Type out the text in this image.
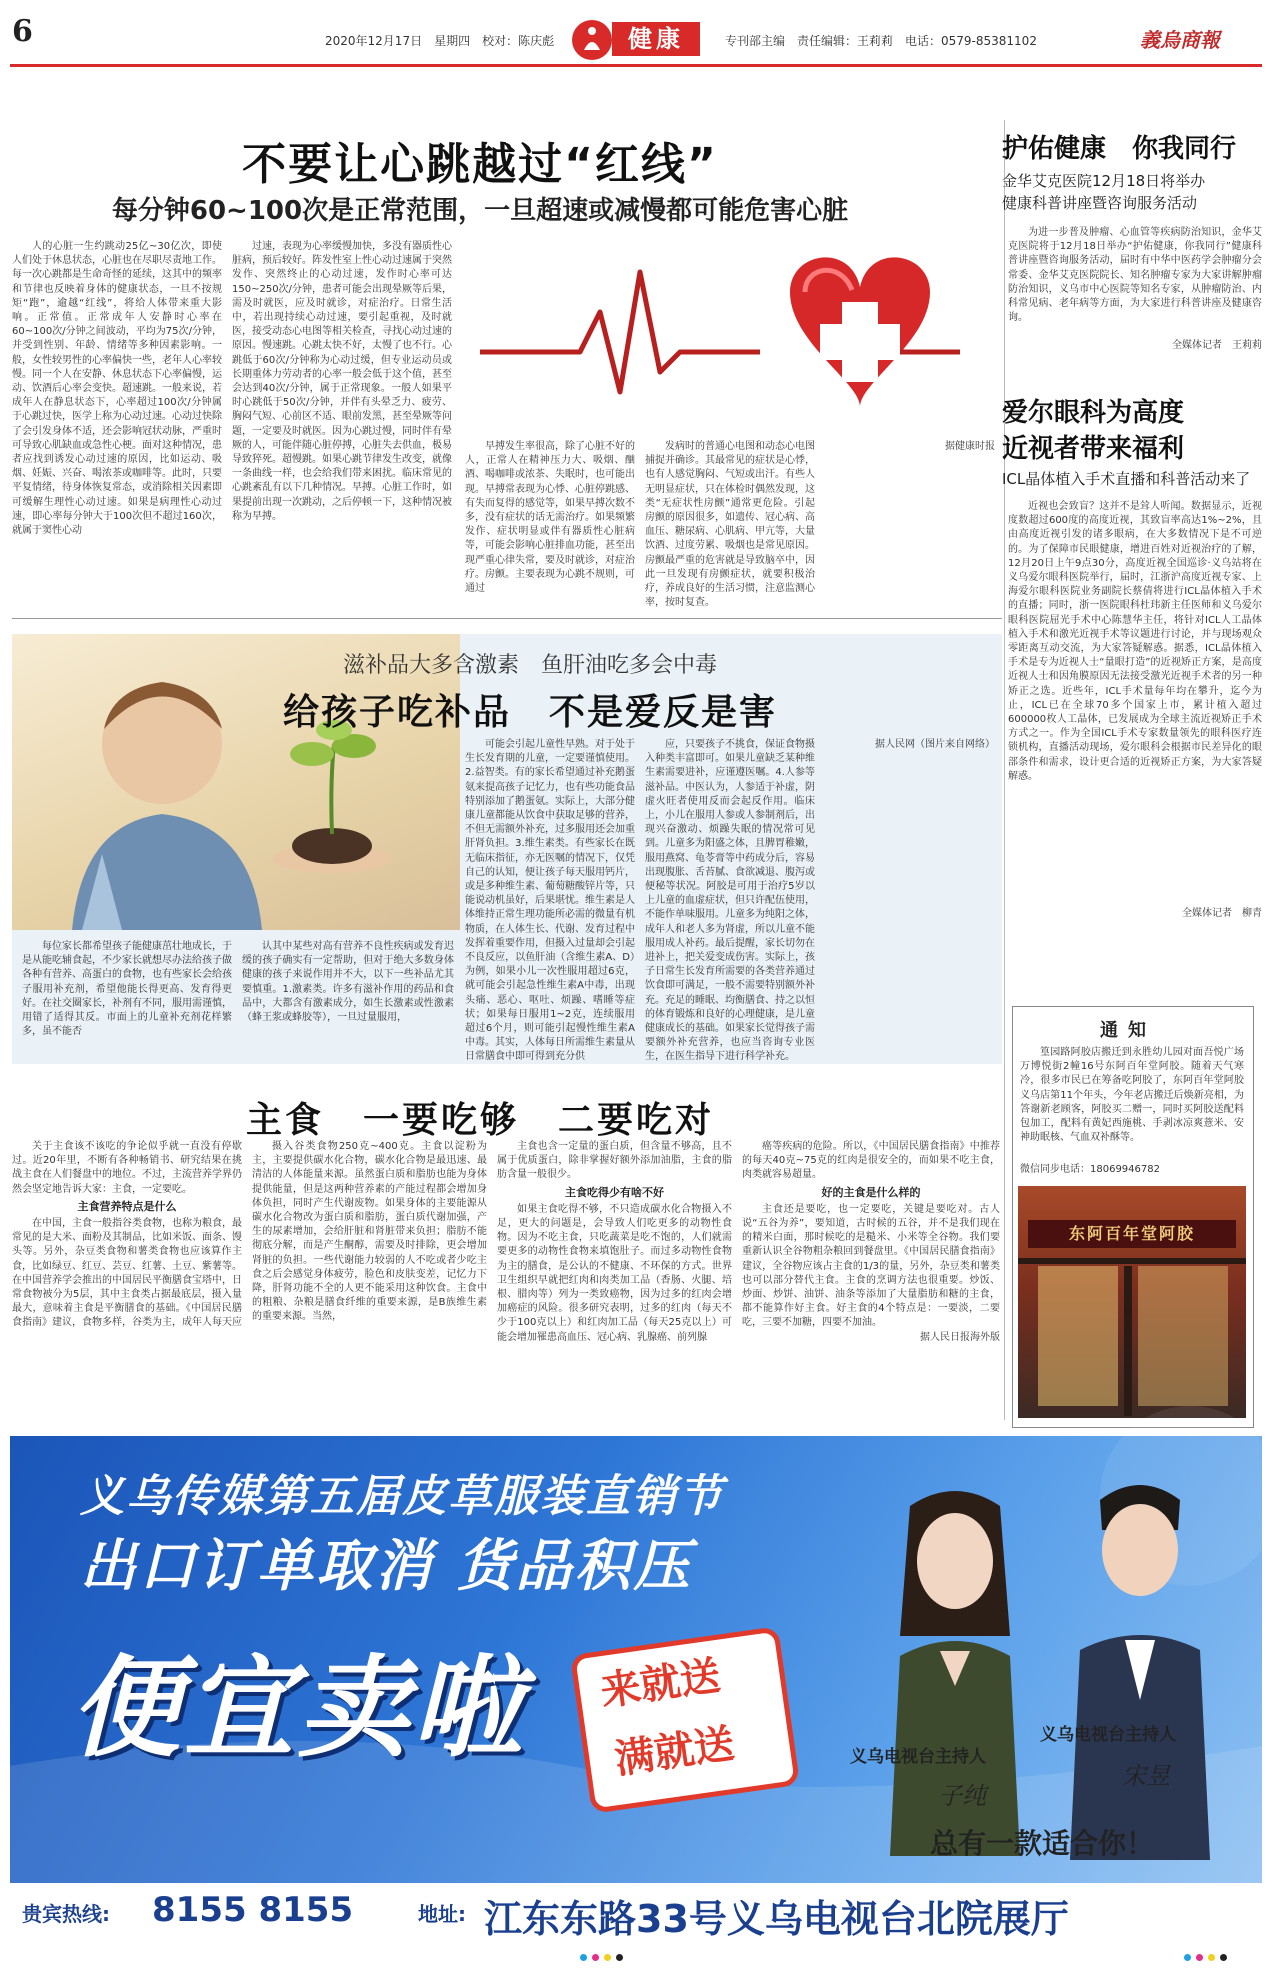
6	2020年12月17日　星期四　校对：陈庆彪	健康	专刊部主编　责任编辑：王莉莉　电话：0579-85381102	義烏商報
不要让心跳越过“红线”
每分钟60~100次是正常范围，一旦超速或减慢都可能危害心脏

人的心脏一生约跳动25亿~30亿次，即使人们处于休息状态，心脏也在尽职尽责地工作。每一次心跳都是生命奇怪的延续，这其中的频率和节律也反映着身体的健康状态，一旦不按规矩“跑”，逾越“红线”，将给人体带来重大影响。正常值。正常成年人安静时心率在60~100次/分钟之间波动，平均为75次/分钟，并受到性别、年龄、情绪等多种因素影响。一般，女性较男性的心率偏快一些，老年人心率较慢。同一个人在安静、休息状态下心率偏慢，运动、饮酒后心率会变快。超速跳。一般来说，若成年人在静息状态下，心率超过100次/分钟属于心跳过快，医学上称为心动过速。心动过快除了会引发身体不适，还会影响冠状动脉，严重时可导致心肌缺血或急性心梗。面对这种情况，患者应找到诱发心动过速的原因，比如运动、吸烟、妊娠、兴奋、喝浓茶或咖啡等。此时，只要平复情绪，待身体恢复常态，或消除相关因素即可缓解生理性心动过速。如果是病理性心动过速，即心率每分钟大于100次但不超过160次，就属于窦性心动

过速，表现为心率缓慢加快，多没有器质性心脏病，预后较好。阵发性室上性心动过速属于突然发作、突然终止的心动过速，发作时心率可达150~250次/分钟，患者可能会出现晕厥等后果，需及时就医，应及时就诊，对症治疗。日常生活中，若出现持续心动过速，要引起重视，及时就医，接受动态心电图等相关检查，寻找心动过速的原因。慢速跳。心跳太快不好，太慢了也不行。心跳低于60次/分钟称为心动过缓，但专业运动员或长期重体力劳动者的心率一般会低于这个值，甚至会达到40次/分钟，属于正常现象。一般人如果平时心跳低于50次/分钟，并伴有头晕乏力、疲劳、胸闷气短、心前区不适、眼前发黑，甚至晕厥等问题，一定要及时就医。因为心跳过慢，同时伴有晕厥的人，可能伴随心脏停搏，心脏失去供血，极易导致猝死。超慢跳。如果心跳节律发生改变，就像一条曲线一样，也会给我们带来困扰。临床常见的心跳紊乱有以下几种情况。早搏。心脏工作时，如果提前出现一次跳动，之后停顿一下，这种情况被称为早搏。

早搏发生率很高，除了心脏不好的人，正常人在精神压力大、吸烟、酗酒、喝咖啡或浓茶、失眠时，也可能出现。早搏常表现为心悸、心脏停跳感、有失而复得的感觉等，如果早搏次数不多，没有症状的话无需治疗。如果频繁发作、症状明显或伴有器质性心脏病等，可能会影响心脏排血功能，甚至出现严重心律失常，要及时就诊，对症治疗。房颤。主要表现为心跳不规则，可通过

发病时的普通心电图和动态心电图捕捉并确诊。其最常见的症状是心悸，也有人感觉胸闷、气短或出汗。有些人无明显症状，只在体检时偶然发现，这类“无症状性房颤”通常更危险。引起房颤的原因很多，如遗传、冠心病、高血压、糖尿病、心肌病、甲亢等，大量饮酒、过度劳累、吸烟也是常见原因。房颤最严重的危害就是导致脑卒中，因此一旦发现有房颤症状，就要积极治疗，养成良好的生活习惯，注意监测心率，按时复查。

据健康时报

护佑健康　你我同行
金华艾克医院12月18日将举办
健康科普讲座暨咨询服务活动

为进一步普及肿瘤、心血管等疾病防治知识，金华艾克医院将于12月18日举办“护佑健康，你我同行”健康科普讲座暨咨询服务活动，届时有中华中医药学会肿瘤分会常委、金华艾克医院院长、知名肿瘤专家为大家讲解肿瘤防治知识，义乌市中心医院等知名专家，从肿瘤防治、内科常见病、老年病等方面，为大家进行科普讲座及健康咨询。

全媒体记者　王莉莉
爱尔眼科为高度
近视者带来福利
ICL晶体植入手术直播和科普活动来了

近视也会致盲？这并不是耸人听闻。数据显示，近视度数超过600度的高度近视，其致盲率高达1%~2%，且由高度近视引发的诸多眼病，在大多数情况下是不可逆的。为了保障市民眼健康，增进百姓对近视治疗的了解，12月20日上午9点30分，高度近视全国巡诊·义乌站将在义乌爱尔眼科医院举行，届时，江浙沪高度近视专家、上海爱尔眼科医院业务副院长蔡倩将进行ICL晶体植入手术的直播；同时，浙一医院眼科杜玮新主任医师和义乌爱尔眼科医院屈光手术中心陈慧华主任，将针对ICL人工晶体植入手术和激光近视手术等议题进行讨论，并与现场观众零距离互动交流，为大家答疑解惑。据悉，ICL晶体植入手术是专为近视人士“量眼打造”的近视矫正方案，是高度近视人士和因角膜原因无法接受激光近视手术者的另一种矫正之选。近些年，ICL手术量每年均在攀升，迄今为止，ICL已在全球70多个国家上市，累计植入超过600000枚人工晶体，已发展成为全球主流近视矫正手术方式之一。作为全国ICL手术专家数量领先的眼科医疗连锁机构，直播活动现场，爱尔眼科会根据市民差异化的眼部条件和需求，设计更合适的近视矫正方案，为大家答疑解惑。

全媒体记者　柳青
通知

篁园路阿胶店搬迁到永胜幼儿园对面吾悦广场万博悦街2幢16号东阿百年堂阿胶。随着天气寒冷，很多市民已在筹备吃阿胶了，东阿百年堂阿胶义乌店第11个年头，今年老店搬迁后焕新亮相，为答谢新老顾客，阿胶买二赠一，同时买阿胶送配料包加工，配料有黄妃西施桃、手剥冰凉爽薏米、安神助眠核、气血双补酥等。

微信同步电话：18069946782
东阿百年堂阿胶
滋补品大多含激素　鱼肝油吃多会中毒
给孩子吃补品　不是爱反是害

可能会引起儿童性早熟。对于处于生长发育期的儿童，一定要谨慎使用。2.益智类。有的家长希望通过补充鹅蛋氨来提高孩子记忆力，也有些功能食品特别添加了鹅蛋氨。实际上，大部分健康儿童都能从饮食中获取足够的营养，不但无需额外补充，过多服用还会加重肝肾负担。3.维生素类。有些家长在既无临床指征，亦无医嘱的情况下，仅凭自己的认知，便让孩子每天服用钙片，或是多种维生素、葡萄糖酸锌片等，只能说动机虽好，后果堪忧。维生素是人体维持正常生理功能所必需的微量有机物质，在人体生长、代谢、发育过程中发挥着重要作用，但摄入过量却会引起不良反应，以鱼肝油（含维生素A、D）为例，如果小儿一次性服用超过6克，就可能会引起急性维生素A中毒，出现头痛、恶心、呕吐、烦躁、嗜睡等症状；如果每日服用1~2克，连续服用超过6个月，则可能引起慢性维生素A中毒。其实，人体每日所需维生素量从日常膳食中即可得到充分供

应，只要孩子不挑食，保证食物摄入种类丰富即可。如果儿童缺乏某种维生素需要进补，应谨遵医嘱。4.人参等滋补品。中医认为，人参适于补虚，阴虚火旺者使用反而会起反作用。临床上，小儿在服用人参或人参制剂后，出现兴奋激动、烦躁失眠的情况常可见到。儿童多为阳盛之体，且脾胃稚嫩，服用燕窝、龟苓膏等中药成分后，容易出现腹胀、舌苔腻、食欲减退、腹泻或便秘等状况。阿胶是可用于治疗5岁以上儿童的血虚症状，但只许配伍使用，不能作单味服用。儿童多为纯阳之体，成年人和老人多为肾虚，所以儿童不能服用成人补药。最后提醒，家长切勿在进补上，把关爱变成伤害。实际上，孩子日常生长发育所需要的各类营养通过饮食即可满足，一般不需要特别额外补充。充足的睡眠、均衡膳食、持之以恒的体育锻炼和良好的心理健康，是儿童健康成长的基础。如果家长觉得孩子需要额外补充营养，也应当咨询专业医生，在医生指导下进行科学补充。

据人民网（图片来自网络）

每位家长都希望孩子能健康茁壮地成长，于是从能吃辅食起，不少家长就想尽办法给孩子做各种有营养、高蛋白的食物，也有些家长会给孩子服用补充剂，希望他能长得更高、发育得更好。在社交圈家长，补剂有不同，服用需谨慎，用错了适得其反。市面上的儿童补充剂花样繁多，虽不能否

认其中某些对高有营养不良性疾病或发育迟缓的孩子确实有一定帮助，但对于绝大多数身体健康的孩子来说作用并不大，以下一些补品尤其要慎重。1.激素类。许多有滋补作用的药品和食品中，大都含有激素成分，如生长激素或性激素（蜂王浆或蜂胶等），一旦过量服用，

主食　一要吃够　二要吃对

关于主食该不该吃的争论似乎就一直没有停歇过。近20年里，不断有各种畅销书、研究结果在挑战主食在人们餐盘中的地位。不过，主流营养学界仍然会坚定地告诉大家：主食，一定要吃。

主食营养特点是什么

在中国，主食一般指谷类食物，也称为粮食，最常见的是大米、面粉及其制品，比如米饭、面条、馒头等。另外，杂豆类食物和薯类食物也应该算作主食，比如绿豆、红豆、芸豆、红薯、土豆、紫薯等。在中国营养学会推出的中国居民平衡膳食宝塔中，日常食物被分为5层，其中主食类占据最底层，摄入量最大，意味着主食是平衡膳食的基础。《中国居民膳食指南》建议，食物多样，谷类为主，成年人每天应

摄入谷类食物250克~400克。主食以淀粉为主，主要提供碳水化合物，碳水化合物是最迅速、最清洁的人体能量来源。虽然蛋白质和脂肪也能为身体提供能量，但是这两种营养素的产能过程都会增加身体负担，同时产生代谢废物。如果身体的主要能源从碳水化合物改为蛋白质和脂肪，蛋白质代谢加强，产生的尿素增加，会给肝脏和肾脏带来负担；脂肪不能彻底分解，而是产生酮醇，需要及时排除，更会增加肾脏的负担。一些代谢能力较弱的人不吃或者少吃主食之后会感觉身体疲劳，脸色和皮肤变差，记忆力下降，肝肾功能不全的人更不能采用这种饮食。主食中的粗粮、杂粮是膳食纤维的重要来源，是B族维生素的重要来源。当然，

主食也含一定量的蛋白质，但含量不够高，且不属于优质蛋白，除非掌握好额外添加油脂，主食的脂肪含量一般很少。

主食吃得少有啥不好

如果主食吃得不够，不只造成碳水化合物摄入不足，更大的问题是，会导致人们吃更多的动物性食物。因为不吃主食，只吃蔬菜是吃不饱的，人们就需要更多的动物性食物来填饱肚子。而过多动物性食物为主的膳食，是公认的不健康、不环保的方式。世界卫生组织早就把红肉和肉类加工品（香肠、火腿、培根、腊肉等）列为一类致癌物，因为过多的红肉会增加癌症的风险。很多研究表明，过多的红肉（每天不少于100克以上）和红肉加工品（每天25克以上）可能会增加罹患高血压、冠心病、乳腺癌、前列腺

癌等疾病的危险。所以，《中国居民膳食指南》中推荐的每天40克~75克的红肉是很安全的，而如果不吃主食，肉类就容易超量。

好的主食是什么样的

主食还是要吃，也一定要吃，关键是要吃对。古人说“五谷为养”，要知道，古时候的五谷，并不是我们现在的精米白面，那时候吃的是糙米、小米等全谷物。我们要重新认识全谷物粗杂粮回到餐盘里。《中国居民膳食指南》建议，全谷物应该占主食的1/3的量，另外，杂豆类和薯类也可以部分替代主食。主食的烹调方法也很重要。炒饭、炒面、炒饼、油饼、油条等添加了大量脂肪和糖的主食，都不能算作好主食。好主食的4个特点是：一要淡，二要吃，三要不加糖，四要不加油。

据人民日报海外版

义乌传媒第五届皮草服装直销节
出口订单取消 货品积压
便宜卖啦 来就送
满就送	义乌电视台主持人
义乌电视台主持人
子纯
宋昱
总有一款适合你！
贵宾热线: 8155 8155	地址: 江东东路33号义乌电视台北院展厅
